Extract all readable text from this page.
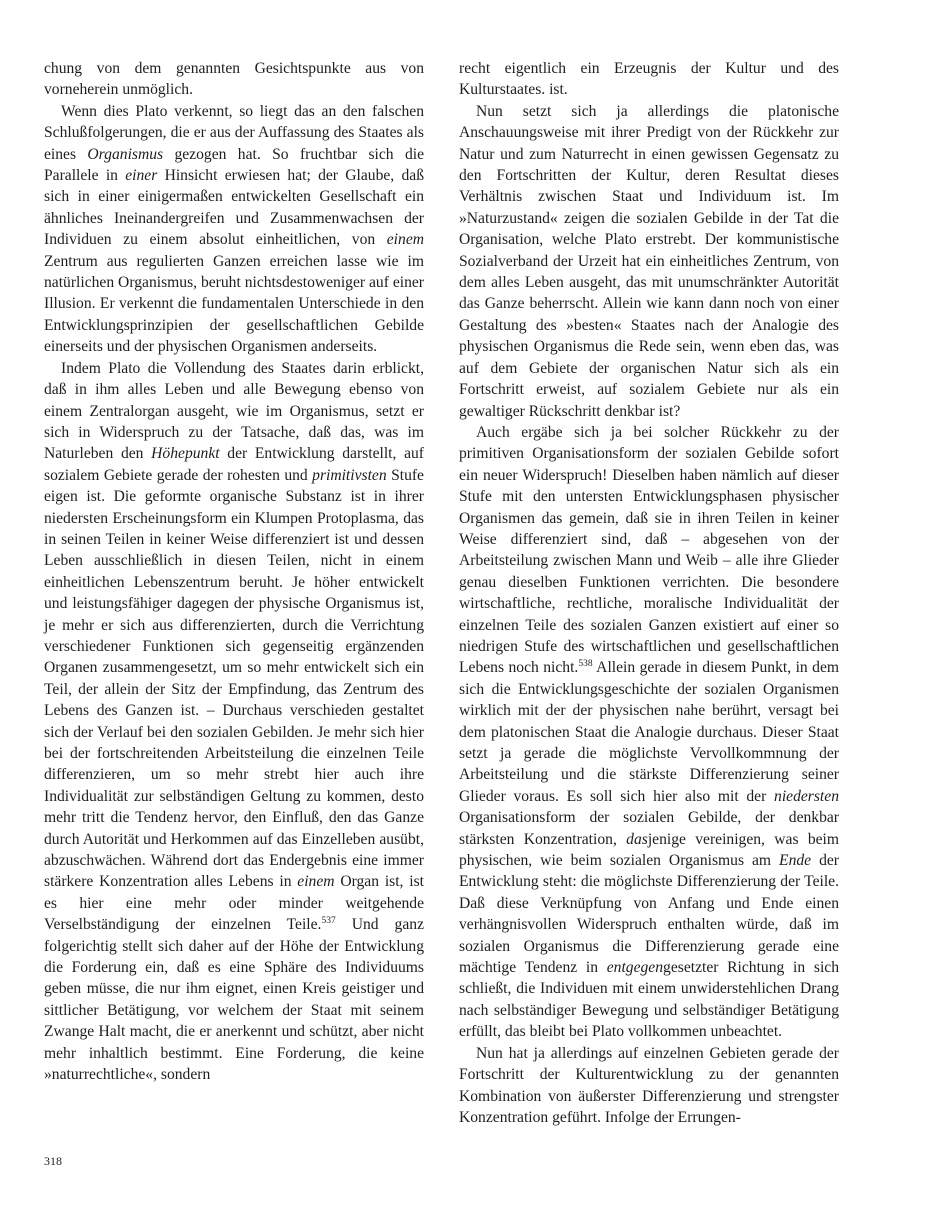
chung von dem genannten Gesichtspunkte aus von vorneherein unmöglich.

Wenn dies Plato verkennt, so liegt das an den falschen Schlußfolgerungen, die er aus der Auffassung des Staates als eines Organismus gezogen hat. So fruchtbar sich die Parallele in einer Hinsicht erwiesen hat; der Glaube, daß sich in einer einigermaßen entwickelten Gesellschaft ein ähnliches Ineinandergreifen und Zusammenwachsen der Individuen zu einem absolut einheitlichen, von einem Zentrum aus regulierten Ganzen erreichen lasse wie im natürlichen Organismus, beruht nichtsdestoweniger auf einer Illusion. Er verkennt die fundamentalen Unterschiede in den Entwicklungsprinzipien der gesellschaftlichen Gebilde einerseits und der physischen Organismen anderseits.

Indem Plato die Vollendung des Staates darin erblickt, daß in ihm alles Leben und alle Bewegung ebenso von einem Zentralorgan ausgeht, wie im Organismus, setzt er sich in Widerspruch zu der Tatsache, daß das, was im Naturleben den Höhepunkt der Entwicklung darstellt, auf sozialem Gebiete gerade der rohesten und primitivsten Stufe eigen ist. Die geformte organische Substanz ist in ihrer niedersten Erscheinungsform ein Klumpen Protoplasma, das in seinen Teilen in keiner Weise differenziert ist und dessen Leben ausschließlich in diesen Teilen, nicht in einem einheitlichen Lebenszentrum beruht. Je höher entwickelt und leistungsfähiger dagegen der physische Organismus ist, je mehr er sich aus differenzierten, durch die Verrichtung verschiedener Funktionen sich gegenseitig ergänzenden Organen zusammengesetzt, um so mehr entwickelt sich ein Teil, der allein der Sitz der Empfindung, das Zentrum des Lebens des Ganzen ist. – Durchaus verschieden gestaltet sich der Verlauf bei den sozialen Gebilden. Je mehr sich hier bei der fortschreitenden Arbeitsteilung die einzelnen Teile differenzieren, um so mehr strebt hier auch ihre Individualität zur selbständigen Geltung zu kommen, desto mehr tritt die Tendenz hervor, den Einfluß, den das Ganze durch Autorität und Herkommen auf das Einzelleben ausübt, abzuschwächen. Während dort das Endergebnis eine immer stärkere Konzentration alles Lebens in einem Organ ist, ist es hier eine mehr oder minder weitgehende Verselbständigung der einzelnen Teile.$^{537}$ Und ganz folgerichtig stellt sich daher auf der Höhe der Entwicklung die Forderung ein, daß es eine Sphäre des Individuums geben müsse, die nur ihm eignet, einen Kreis geistiger und sittlicher Betätigung, vor welchem der Staat mit seinem Zwange Halt macht, die er anerkennt und schützt, aber nicht mehr inhaltlich bestimmt. Eine Forderung, die keine »naturrechtliche«, sondern

recht eigentlich ein Erzeugnis der Kultur und des Kulturstaates. ist.

Nun setzt sich ja allerdings die platonische Anschauungsweise mit ihrer Predigt von der Rückkehr zur Natur und zum Naturrecht in einen gewissen Gegensatz zu den Fortschritten der Kultur, deren Resultat dieses Verhältnis zwischen Staat und Individuum ist. Im »Naturzustand« zeigen die sozialen Gebilde in der Tat die Organisation, welche Plato erstrebt. Der kommunistische Sozialverband der Urzeit hat ein einheitliches Zentrum, von dem alles Leben ausgeht, das mit unumschränkter Autorität das Ganze beherrscht. Allein wie kann dann noch von einer Gestaltung des »besten« Staates nach der Analogie des physischen Organismus die Rede sein, wenn eben das, was auf dem Gebiete der organischen Natur sich als ein Fortschritt erweist, auf sozialem Gebiete nur als ein gewaltiger Rückschritt denkbar ist?

Auch ergäbe sich ja bei solcher Rückkehr zu der primitiven Organisationsform der sozialen Gebilde sofort ein neuer Widerspruch! Dieselben haben nämlich auf dieser Stufe mit den untersten Entwicklungsphasen physischer Organismen das gemein, daß sie in ihren Teilen in keiner Weise differenziert sind, daß – abgesehen von der Arbeitsteilung zwischen Mann und Weib – alle ihre Glieder genau dieselben Funktionen verrichten. Die besondere wirtschaftliche, rechtliche, moralische Individualität der einzelnen Teile des sozialen Ganzen existiert auf einer so niedrigen Stufe des wirtschaftlichen und gesellschaftlichen Lebens noch nicht.$^{538}$ Allein gerade in diesem Punkt, in dem sich die Entwicklungsgeschichte der sozialen Organismen wirklich mit der der physischen nahe berührt, versagt bei dem platonischen Staat die Analogie durchaus. Dieser Staat setzt ja gerade die möglichste Vervollkommnung der Arbeitsteilung und die stärkste Differenzierung seiner Glieder voraus. Es soll sich hier also mit der niedersten Organisationsform der sozialen Gebilde, der denkbar stärksten Konzentration, dasjenige vereinigen, was beim physischen, wie beim sozialen Organismus am Ende der Entwicklung steht: die möglichste Differenzierung der Teile. Daß diese Verknüpfung von Anfang und Ende einen verhängnisvollen Widerspruch enthalten würde, daß im sozialen Organismus die Differenzierung gerade eine mächtige Tendenz in entgegengesetzter Richtung in sich schließt, die Individuen mit einem unwiderstehlichen Drang nach selbständiger Bewegung und selbständiger Betätigung erfüllt, das bleibt bei Plato vollkommen unbeachtet.

Nun hat ja allerdings auf einzelnen Gebieten gerade der Fortschritt der Kulturentwicklung zu der genannten Kombination von äußerster Differenzierung und strengster Konzentration geführt. Infolge der Errungen-

318
